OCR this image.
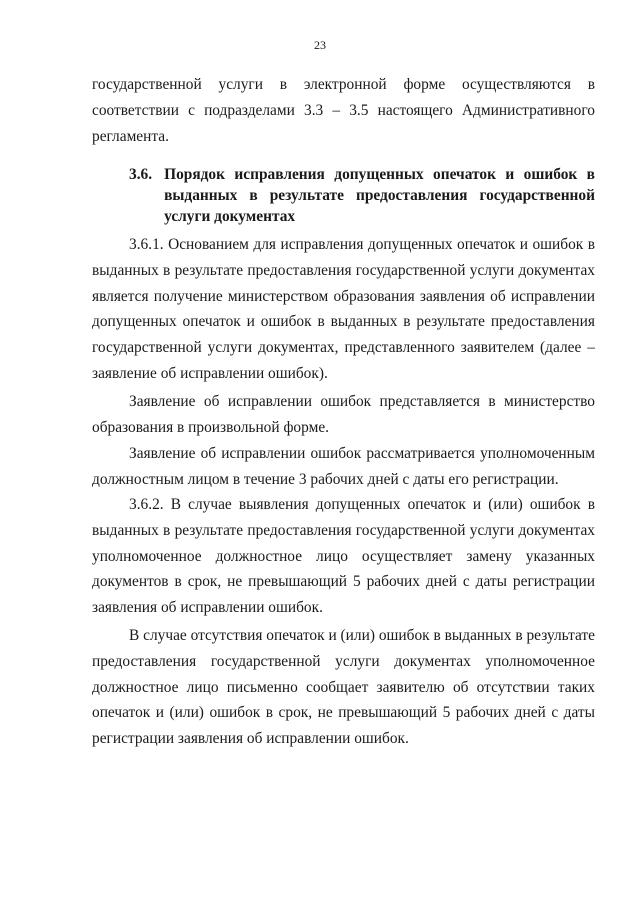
23

государственной услуги в электронной форме осуществляются в соответствии с подразделами 3.3 – 3.5 настоящего Административного регламента.

3.6. Порядок исправления допущенных опечаток и ошибок в выданных в результате предоставления государственной услуги документах

3.6.1. Основанием для исправления допущенных опечаток и ошибок в выданных в результате предоставления государственной услуги документах является получение министерством образования заявления об исправлении допущенных опечаток и ошибок в выданных в результате предоставления государственной услуги документах, представленного заявителем (далее – заявление об исправлении ошибок).

Заявление об исправлении ошибок представляется в министерство образования в произвольной форме.

Заявление об исправлении ошибок рассматривается уполномоченным должностным лицом в течение 3 рабочих дней с даты его регистрации.

3.6.2. В случае выявления допущенных опечаток и (или) ошибок в выданных в результате предоставления государственной услуги документах уполномоченное должностное лицо осуществляет замену указанных документов в срок, не превышающий 5 рабочих дней с даты регистрации заявления об исправлении ошибок.

В случае отсутствия опечаток и (или) ошибок в выданных в результате предоставления государственной услуги документах уполномоченное должностное лицо письменно сообщает заявителю об отсутствии таких опечаток и (или) ошибок в срок, не превышающий 5 рабочих дней с даты регистрации заявления об исправлении ошибок.
